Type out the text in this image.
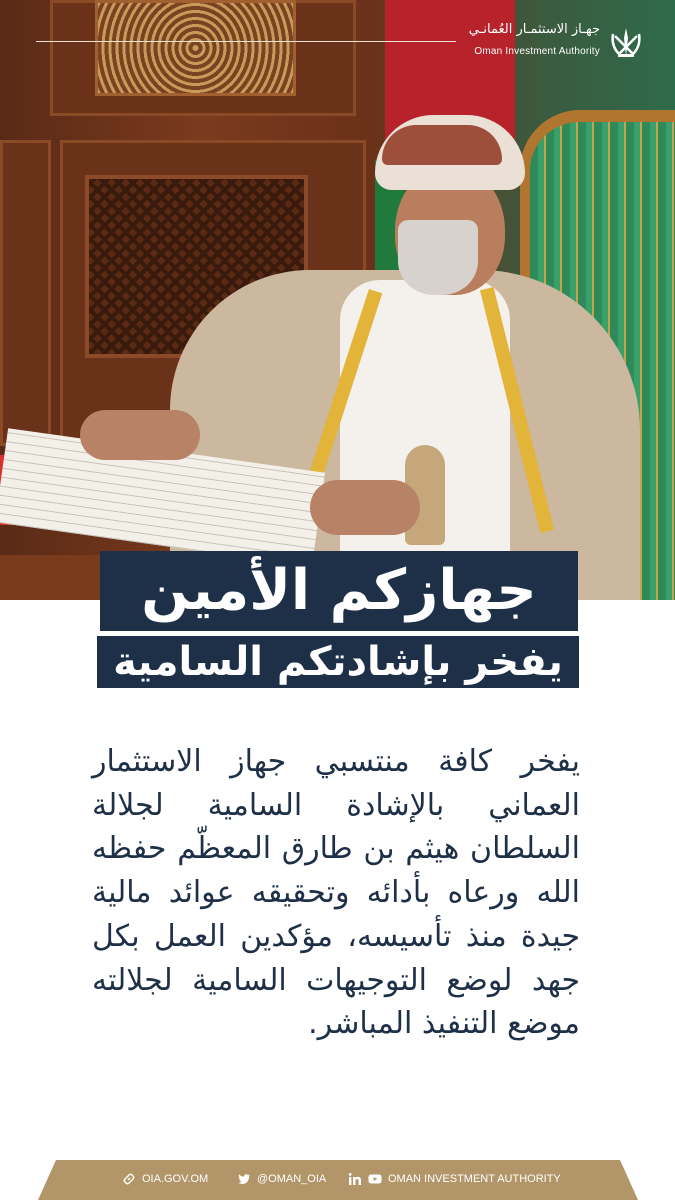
جهـاز الاستثمـار العُمانـي
Oman Investment Authority
جهازكم الأمين
يفخر بإشادتكم السامية
يفخر كافة منتسبي جهاز الاستثمار العماني بالإشادة السامية لجلالة السلطان هيثم بن طارق المعظّم حفظه الله ورعاه بأدائه وتحقيقه عوائد مالية جيدة منذ تأسيسه، مؤكدين العمل بكل جهد لوضع التوجيهات السامية لجلالته موضع التنفيذ المباشر.
OIA.GOV.OM	@OMAN_OIA	OMAN INVESTMENT AUTHORITY
